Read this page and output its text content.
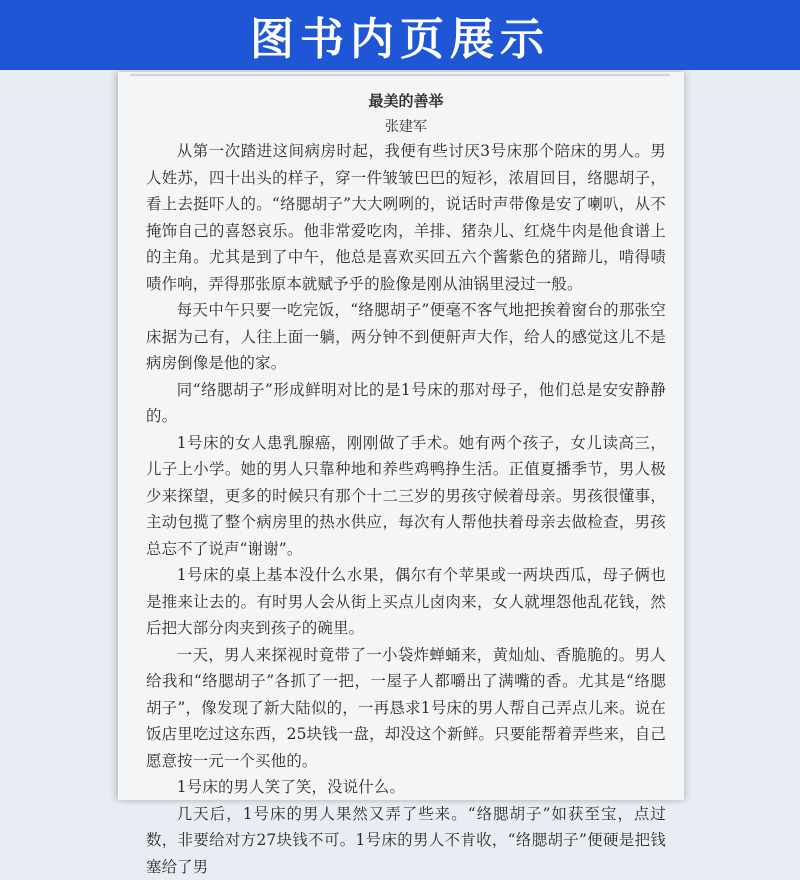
图书内页展示
最美的善举
张建军

从第一次踏进这间病房时起，我便有些讨厌3号床那个陪床的男人。男人姓苏，四十出头的样子，穿一件皱皱巴巴的短衫，浓眉回目，络腮胡子，看上去挺吓人的。“络腮胡子”大大咧咧的，说话时声带像是安了喇叭，从不掩饰自己的喜怒哀乐。他非常爱吃肉，羊排、猪杂儿、红烧牛肉是他食谱上的主角。尤其是到了中午，他总是喜欢买回五六个酱紫色的猪蹄儿，啃得啧啧作响，弄得那张原本就赋予乎的脸像是刚从油锅里浸过一般。

每天中午只要一吃完饭，“络腮胡子”便毫不客气地把挨着窗台的那张空床据为己有，人往上面一躺，两分钟不到便鼾声大作，给人的感觉这儿不是病房倒像是他的家。

同“络腮胡子”形成鲜明对比的是1号床的那对母子，他们总是安安静静的。

1号床的女人患乳腺癌，刚刚做了手术。她有两个孩子，女儿读高三，儿子上小学。她的男人只靠种地和养些鸡鸭挣生活。正值夏播季节，男人极少来探望，更多的时候只有那个十二三岁的男孩守候着母亲。男孩很懂事，主动包揽了整个病房里的热水供应，每次有人帮他扶着母亲去做检查，男孩总忘不了说声“谢谢”。

1号床的桌上基本没什么水果，偶尔有个苹果或一两块西瓜，母子俩也是推来让去的。有时男人会从街上买点儿卤肉来，女人就埋怨他乱花钱，然后把大部分肉夹到孩子的碗里。

一天，男人来探视时竟带了一小袋炸蝉蛹来，黄灿灿、香脆脆的。男人给我和“络腮胡子”各抓了一把，一屋子人都嚼出了满嘴的香。尤其是“络腮胡子”，像发现了新大陆似的，一再恳求1号床的男人帮自己弄点儿来。说在饭店里吃过这东西，25块钱一盘，却没这个新鲜。只要能帮着弄些来，自己愿意按一元一个买他的。

1号床的男人笑了笑，没说什么。

几天后，1号床的男人果然又弄了些来。“络腮胡子”如获至宝，点过数，非要给对方27块钱不可。1号床的男人不肯收，“络腮胡子”便硬是把钱塞给了男
